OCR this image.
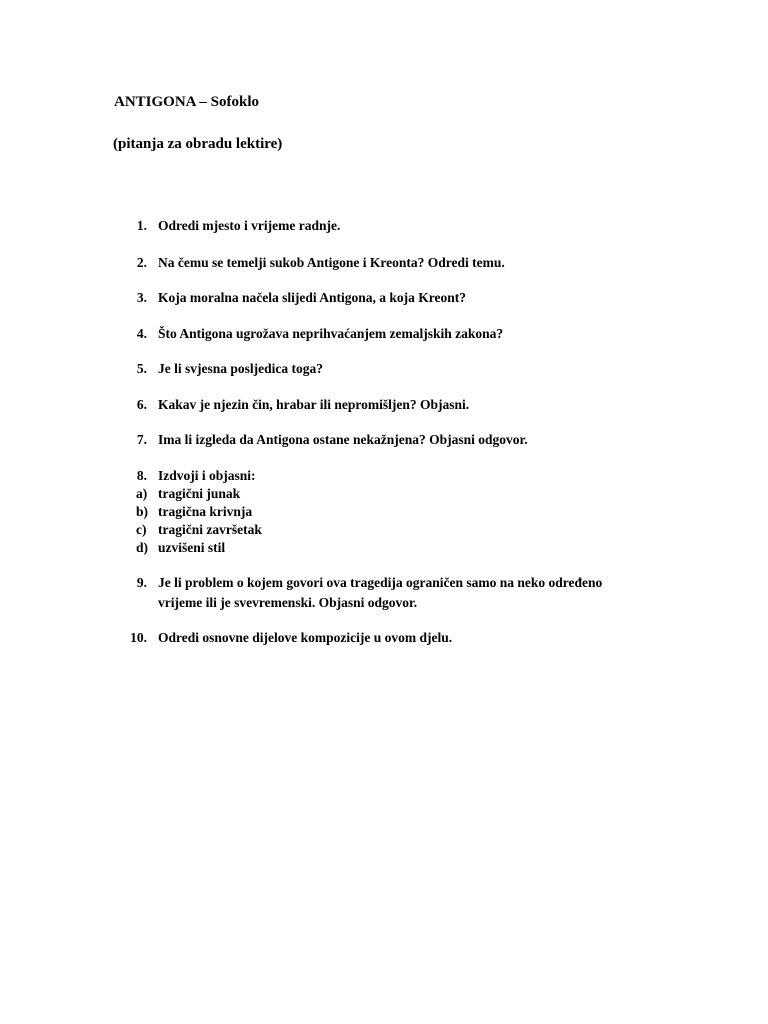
ANTIGONA – Sofoklo
(pitanja za obradu lektire)
1. Odredi mjesto i vrijeme radnje.
2. Na čemu se temelji sukob Antigone i Kreonta? Odredi temu.
3. Koja moralna načela slijedi Antigona, a koja Kreont?
4. Što Antigona ugrožava neprihvaćanjem zemaljskih zakona?
5. Je li svjesna posljedica toga?
6. Kakav je njezin čin, hrabar ili nepromišljen? Objasni.
7. Ima li izgleda da Antigona ostane nekažnjena? Objasni odgovor.
8. Izdvoji i objasni:
a) tragični junak
b) tragična krivnja
c) tragični završetak
d) uzvišeni stil
9. Je li problem o kojem govori ova tragedija ograničen samo na neko određeno
vrijeme ili je svevremenski. Objasni odgovor.
10. Odredi osnovne dijelove kompozicije u ovom djelu.
